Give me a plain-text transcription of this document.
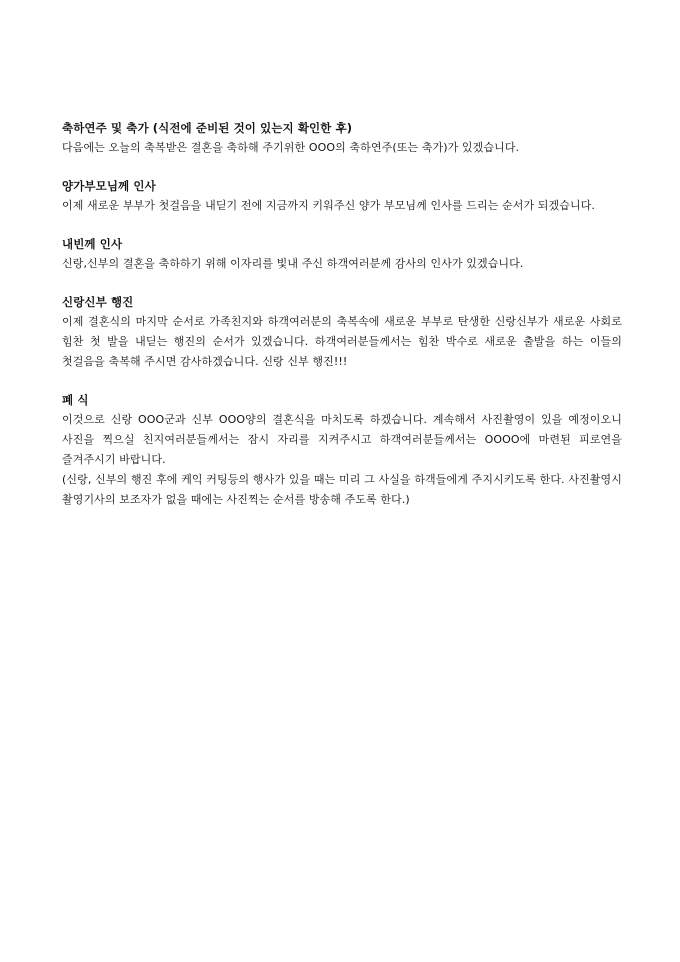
축하연주 및 축가 (식전에 준비된 것이 있는지 확인한 후)

다음에는 오늘의 축복받은 결혼을 축하해 주기위한 OOO의 축하연주(또는 축가)가 있겠습니다.

양가부모님께 인사

이제 새로운 부부가 첫걸음을 내딛기 전에 지금까지 키워주신 양가 부모님께 인사를 드리는 순서가 되겠습니다.

내빈께 인사

신랑,신부의 결혼을 축하하기 위해 이자리를 빛내 주신 하객여러분께 감사의 인사가 있겠습니다.

신랑신부 행진

이제 결혼식의 마지막 순서로 가족친지와 하객여러분의 축복속에 새로운 부부로 탄생한 신랑신부가 새로운 사회로 힘찬 첫 발을 내딛는 행진의 순서가 있겠습니다. 하객여러분들께서는 힘찬 박수로 새로운 출발을 하는 이들의 첫걸음을 축복해 주시면 감사하겠습니다. 신랑 신부 행진!!!

폐 식

이것으로 신랑 OOO군과 신부 OOO양의 결혼식을 마치도록 하겠습니다. 계속해서 사진촬영이 있을 예정이오니 사진을 찍으실 친지여러분들께서는 잠시 자리를 지켜주시고 하객여러분들께서는 OOOO에 마련된 피로연을 즐겨주시기 바랍니다.

(신랑, 신부의 행진 후에 케익 커팅등의 행사가 있을 때는 미리 그 사실을 하객들에게 주지시키도록 한다. 사진촬영시 촬영기사의 보조자가 없을 때에는 사진찍는 순서를 방송해 주도록 한다.)
